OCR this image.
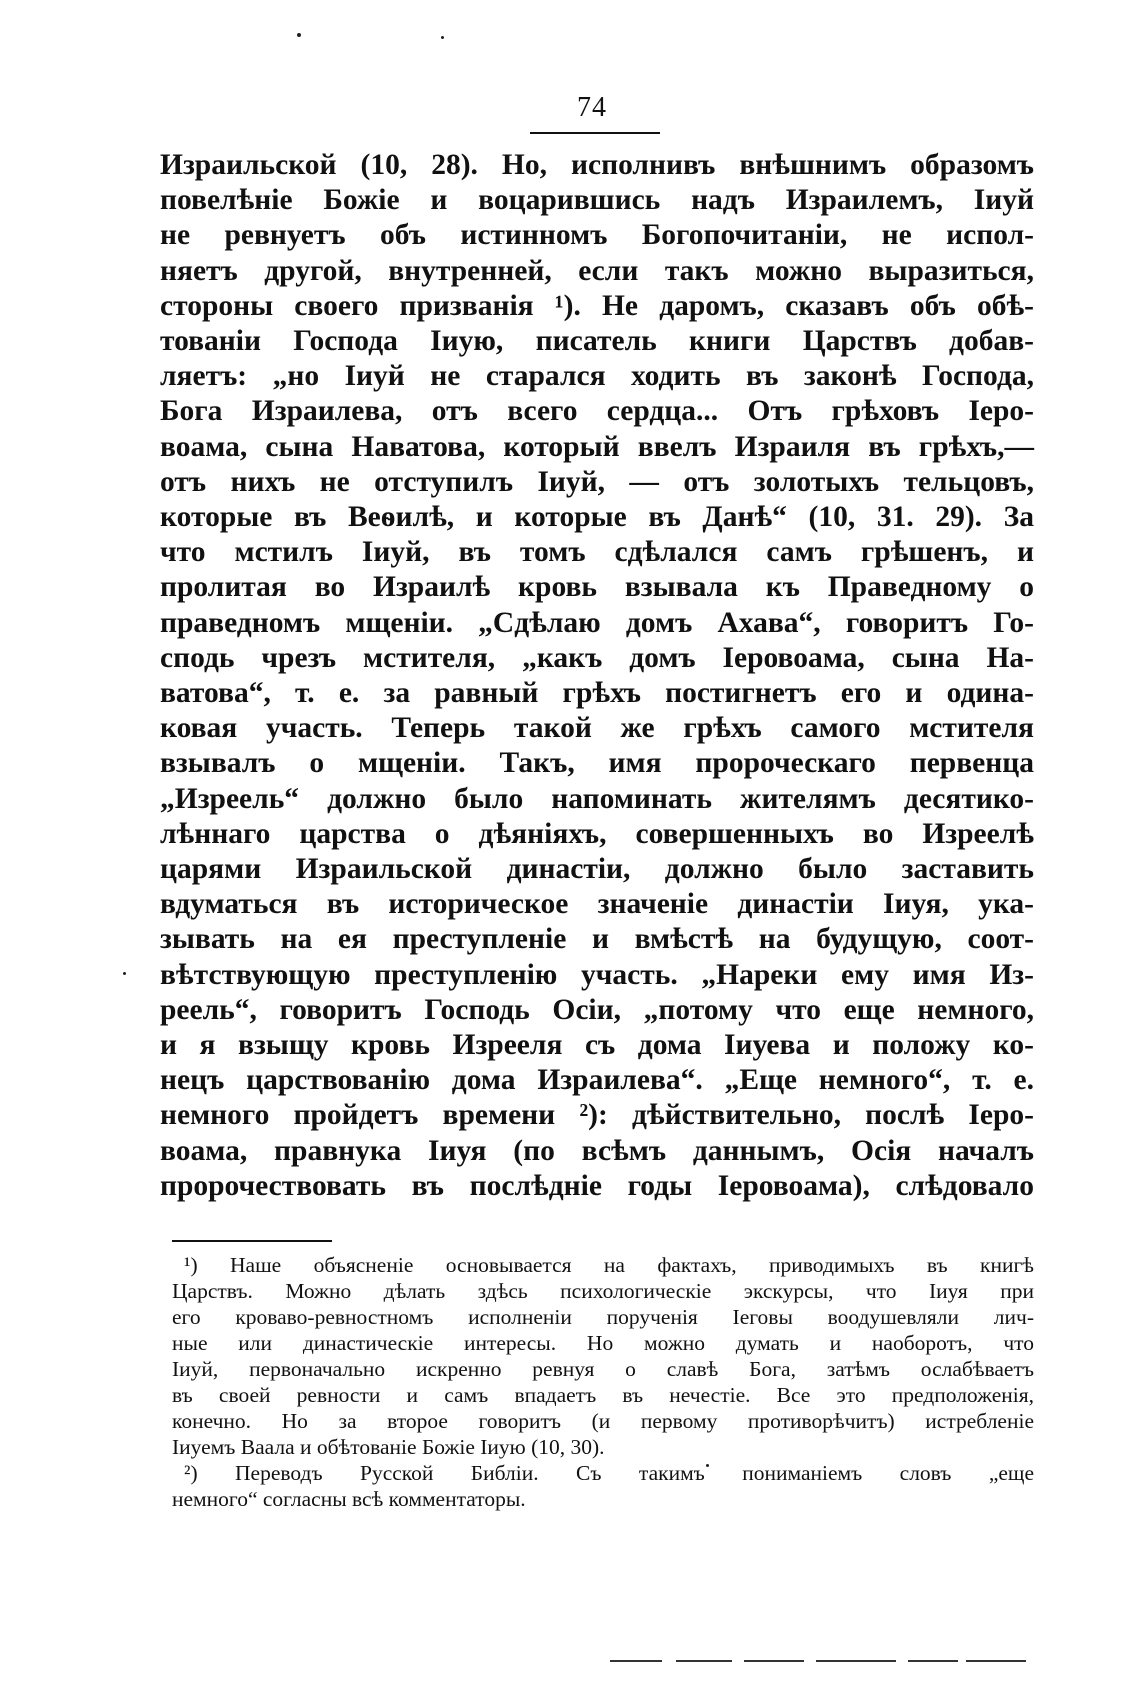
74
Израильской (10, 28). Но, исполнивъ внѣшнимъ образомъ
повелѣніе Божіе и воцарившись надъ Израилемъ, Іиуй
не ревнуетъ объ истинномъ Богопочитаніи, не испол-
няетъ другой, внутренней, если такъ можно выразиться,
стороны своего призванія ¹). Не даромъ, сказавъ объ обѣ-
тованіи Господа Іиую, писатель книги Царствъ добав-
ляетъ: „но Іиуй не старался ходить въ законѣ Господа,
Бога Израилева, отъ всего сердца... Отъ грѣховъ Іеро-
воама, сына Наватова, который ввелъ Израиля въ грѣхъ,—
отъ нихъ не отступилъ Іиуй, — отъ золотыхъ тельцовъ,
которые въ Веѳилѣ, и которые въ Данѣ“ (10, 31. 29). За
что мстилъ Іиуй, въ томъ сдѣлался самъ грѣшенъ, и
пролитая во Израилѣ кровь взывала къ Праведному о
праведномъ мщеніи. „Сдѣлаю домъ Ахава“, говоритъ Го-
сподь чрезъ мстителя, „какъ домъ Іеровоама, сына На-
ватова“, т. е. за равный грѣхъ постигнетъ его и одина-
ковая участь. Теперь такой же грѣхъ самого мстителя
взывалъ о мщеніи. Такъ, имя пророческаго первенца
„Изреель“ должно было напоминать жителямъ десятико-
лѣннаго царства о дѣяніяхъ, совершенныхъ во Изреелѣ
царями Израильской династіи, должно было заставить
вдуматься въ историческое значеніе династіи Іиуя, ука-
зывать на ея преступленіе и вмѣстѣ на будущую, соот-
вѣтствующую преступленію участь. „Нареки ему имя Из-
реель“, говоритъ Господь Осіи, „потому что еще немного,
и я взыщу кровь Изрееля съ дома Іиуева и положу ко-
нецъ царствованію дома Израилева“. „Еще немного“, т. е.
немного пройдетъ времени ²): дѣйствительно, послѣ Іеро-
воама, правнука Іиуя (по всѣмъ даннымъ, Осія началъ
пророчествовать въ послѣдніе годы Іеровоама), слѣдовало
¹) Наше объясненіе основывается на фактахъ, приводимыхъ въ книгѣ
Царствъ. Можно дѣлать здѣсь психологическіе экскурсы, что Іиуя при
его кроваво-ревностномъ исполненіи порученія Іеговы воодушевляли лич-
ные или династическіе интересы. Но можно думать и наоборотъ, что
Іиуй, первоначально искренно ревнуя о славѣ Бога, затѣмъ ослабѣваетъ
въ своей ревности и самъ впадаетъ въ нечестіе. Все это предположенія,
конечно. Но за второе говоритъ (и первому противорѣчитъ) истребленіе
Іиуемъ Ваала и обѣтованіе Божіе Іиую (10, 30).
²) Переводъ Русской Библіи. Съ такимъ пониманіемъ словъ „еще
немного“ согласны всѣ комментаторы.
